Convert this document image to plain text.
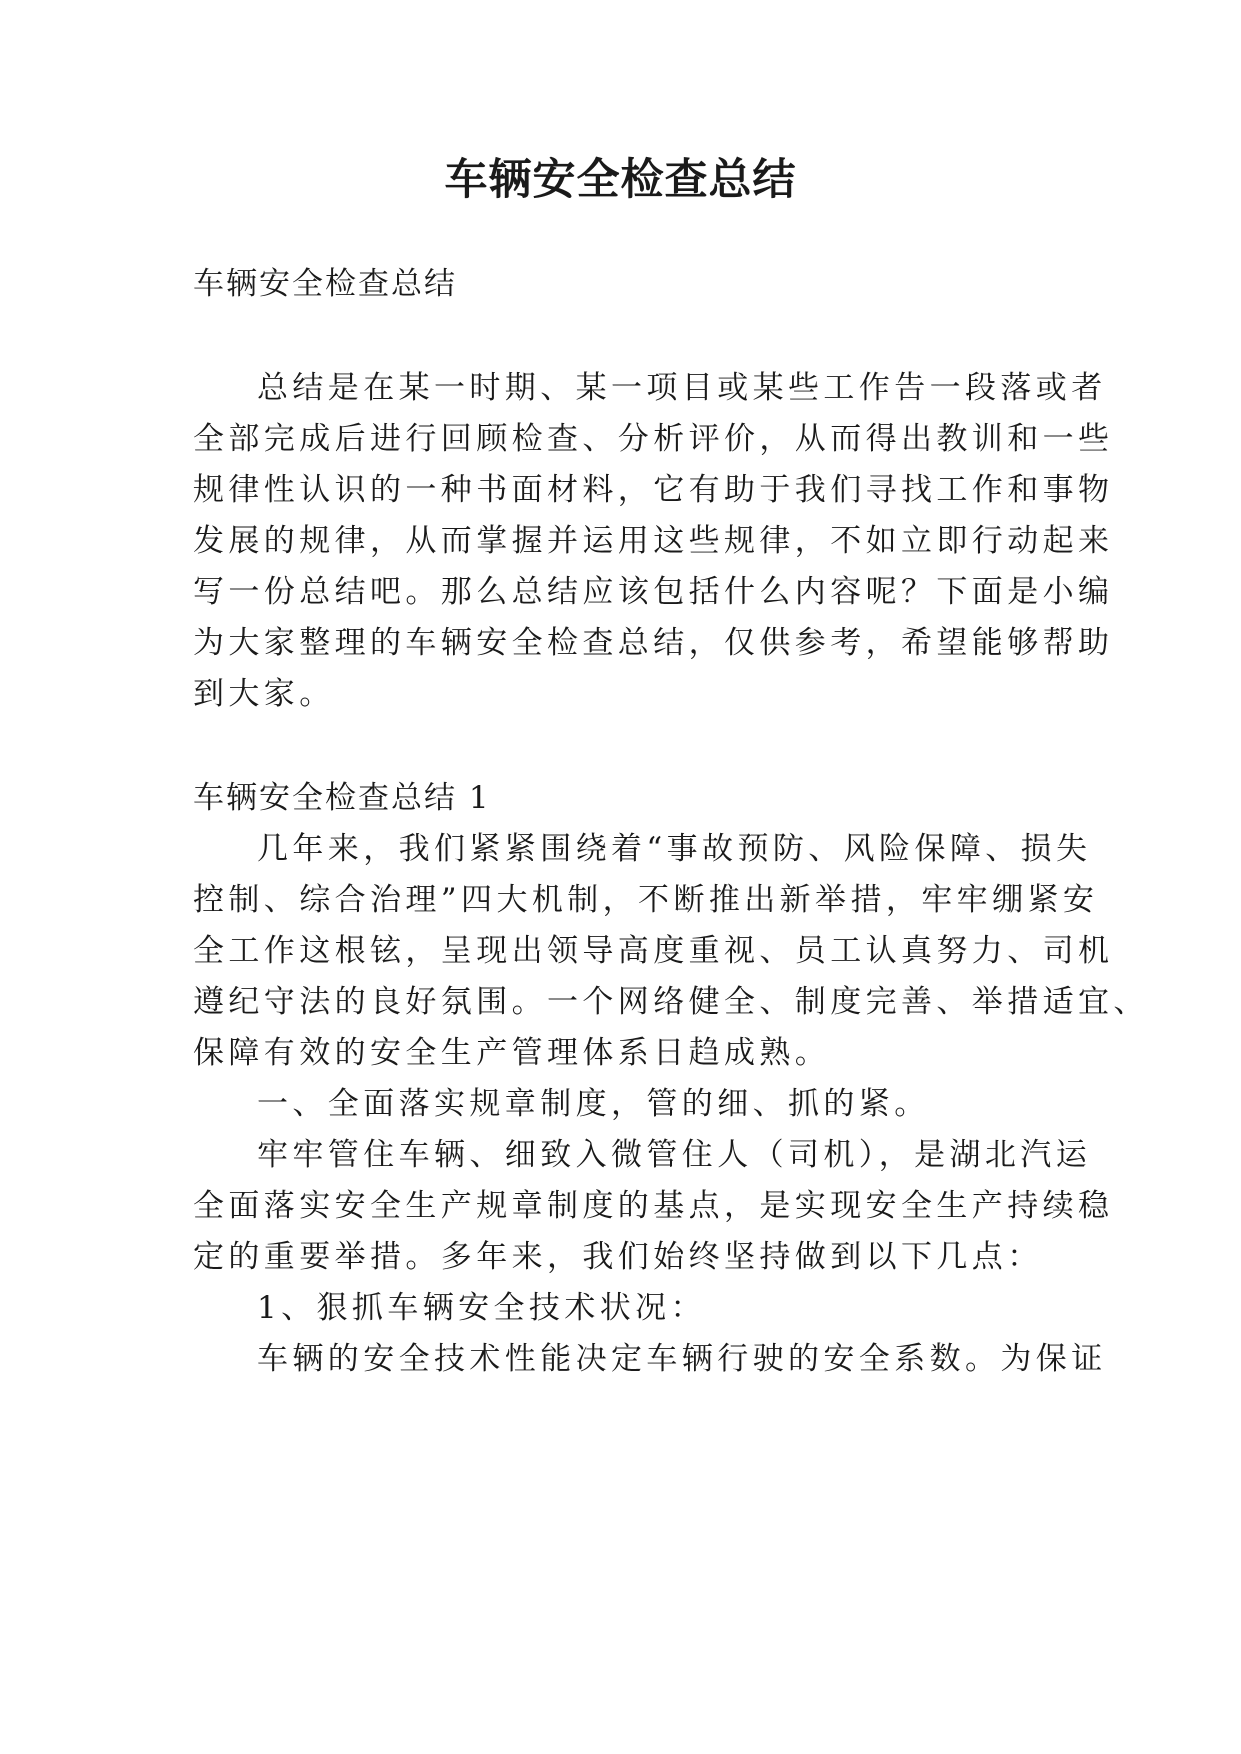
车辆安全检查总结

车辆安全检查总结

总结是在某一时期、某一项目或某些工作告一段落或者

全部完成后进行回顾检查、分析评价，从而得出教训和一些

规律性认识的一种书面材料，它有助于我们寻找工作和事物

发展的规律，从而掌握并运用这些规律，不如立即行动起来

写一份总结吧。那么总结应该包括什么内容呢？下面是小编

为大家整理的车辆安全检查总结，仅供参考，希望能够帮助

到大家。

车辆安全检查总结 1

几年来，我们紧紧围绕着“事故预防、风险保障、损失

控制、综合治理”四大机制，不断推出新举措，牢牢绷紧安

全工作这根铉，呈现出领导高度重视、员工认真努力、司机

遵纪守法的良好氛围。一个网络健全、制度完善、举措适宜、

保障有效的安全生产管理体系日趋成熟。

一、全面落实规章制度，管的细、抓的紧。

牢牢管住车辆、细致入微管住人（司机），是湖北汽运

全面落实安全生产规章制度的基点，是实现安全生产持续稳

定的重要举措。多年来，我们始终坚持做到以下几点：

1、狠抓车辆安全技术状况：

车辆的安全技术性能决定车辆行驶的安全系数。为保证
